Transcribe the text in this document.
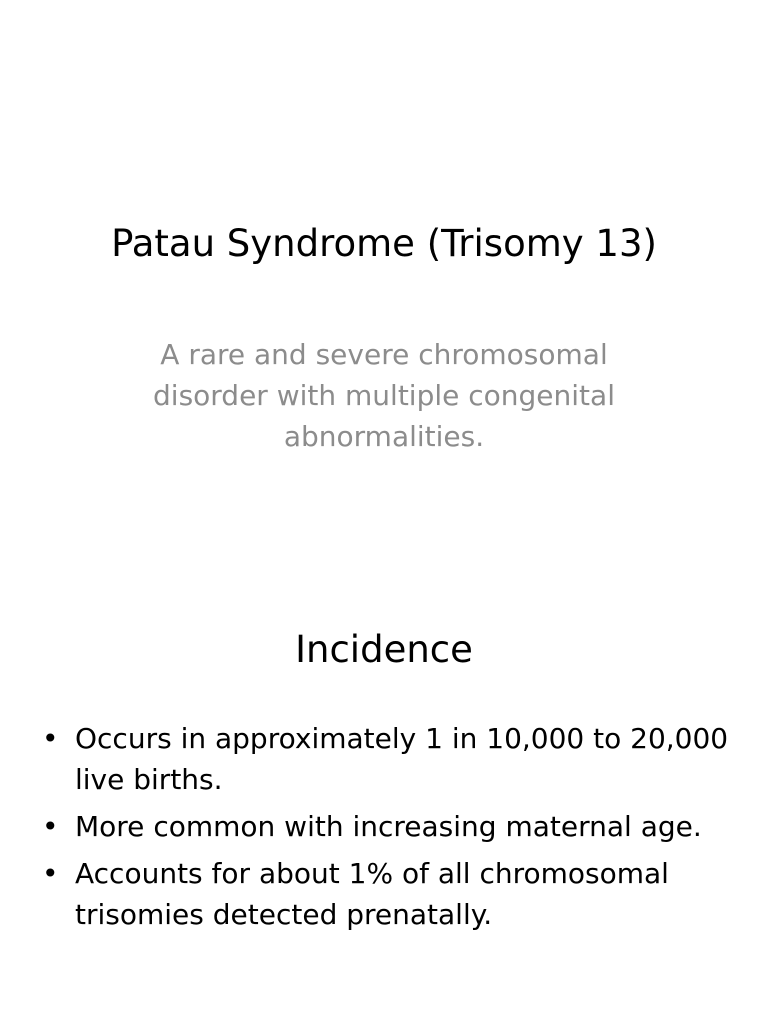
Patau Syndrome (Trisomy 13)

A rare and severe chromosomal disorder with multiple congenital abnormalities.

Incidence
• Occurs in approximately 1 in 10,000 to 20,000 live births.
• More common with increasing maternal age.
• Accounts for about 1% of all chromosomal trisomies detected prenatally.
